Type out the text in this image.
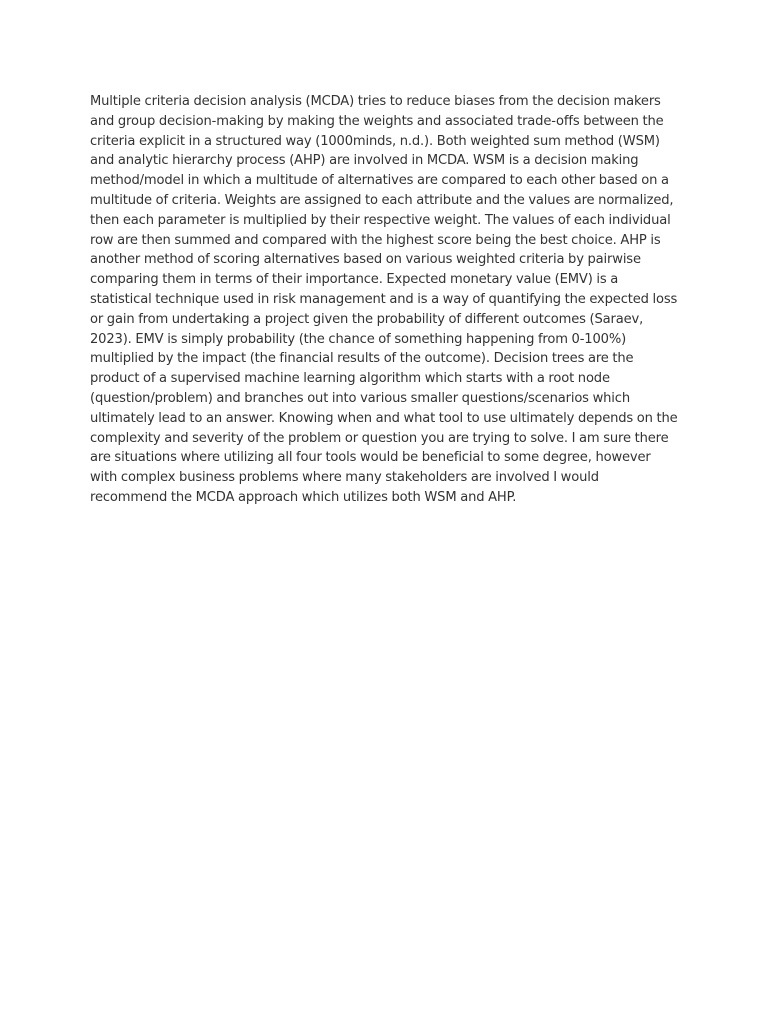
Multiple criteria decision analysis (MCDA) tries to reduce biases from the decision makers and group decision-making by making the weights and associated trade-offs between the criteria explicit in a structured way (1000minds, n.d.). Both weighted sum method (WSM) and analytic hierarchy process (AHP) are involved in MCDA. WSM is a decision making method/model in which a multitude of alternatives are compared to each other based on a multitude of criteria. Weights are assigned to each attribute and the values are normalized, then each parameter is multiplied by their respective weight. The values of each individual row are then summed and compared with the highest score being the best choice. AHP is another method of scoring alternatives based on various weighted criteria by pairwise comparing them in terms of their importance. Expected monetary value (EMV) is a statistical technique used in risk management and is a way of quantifying the expected loss or gain from undertaking a project given the probability of different outcomes (Saraev, 2023). EMV is simply probability (the chance of something happening from 0-100%) multiplied by the impact (the financial results of the outcome). Decision trees are the product of a supervised machine learning algorithm which starts with a root node (question/problem) and branches out into various smaller questions/scenarios which ultimately lead to an answer. Knowing when and what tool to use ultimately depends on the complexity and severity of the problem or question you are trying to solve. I am sure there are situations where utilizing all four tools would be beneficial to some degree, however with complex business problems where many stakeholders are involved I would recommend the MCDA approach which utilizes both WSM and AHP.
